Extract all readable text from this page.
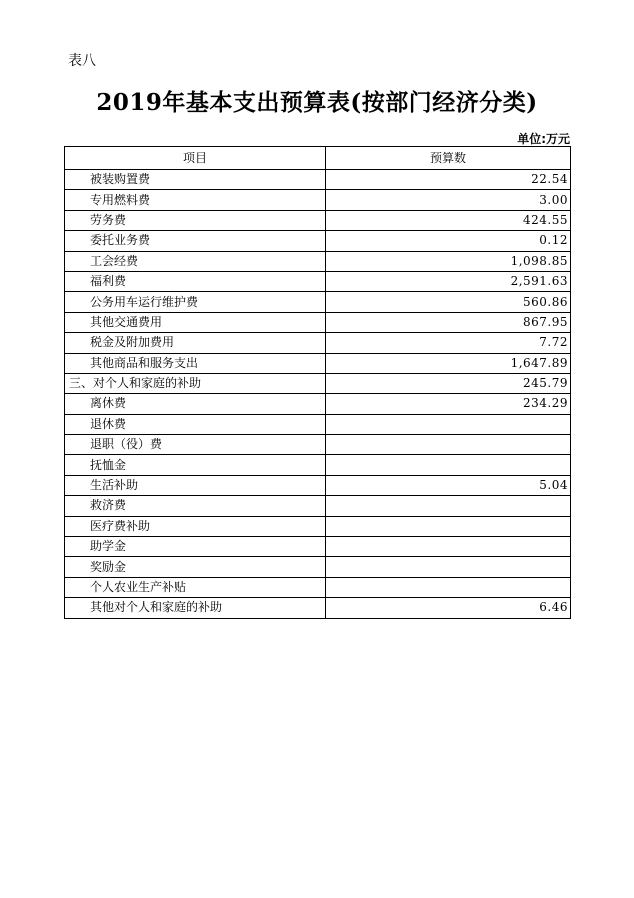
表八
2019年基本支出预算表(按部门经济分类)
单位:万元
项目	预算数
被装购置费	22.54
专用燃料费	3.00
劳务费	424.55
委托业务费	0.12
工会经费	1,098.85
福利费	2,591.63
公务用车运行维护费	560.86
其他交通费用	867.95
税金及附加费用	7.72
其他商品和服务支出	1,647.89
三、对个人和家庭的补助	245.79
离休费	234.29
退休费	
退职（役）费	
抚恤金	
生活补助	5.04
救济费	
医疗费补助	
助学金	
奖励金	
个人农业生产补贴	
其他对个人和家庭的补助	6.46
